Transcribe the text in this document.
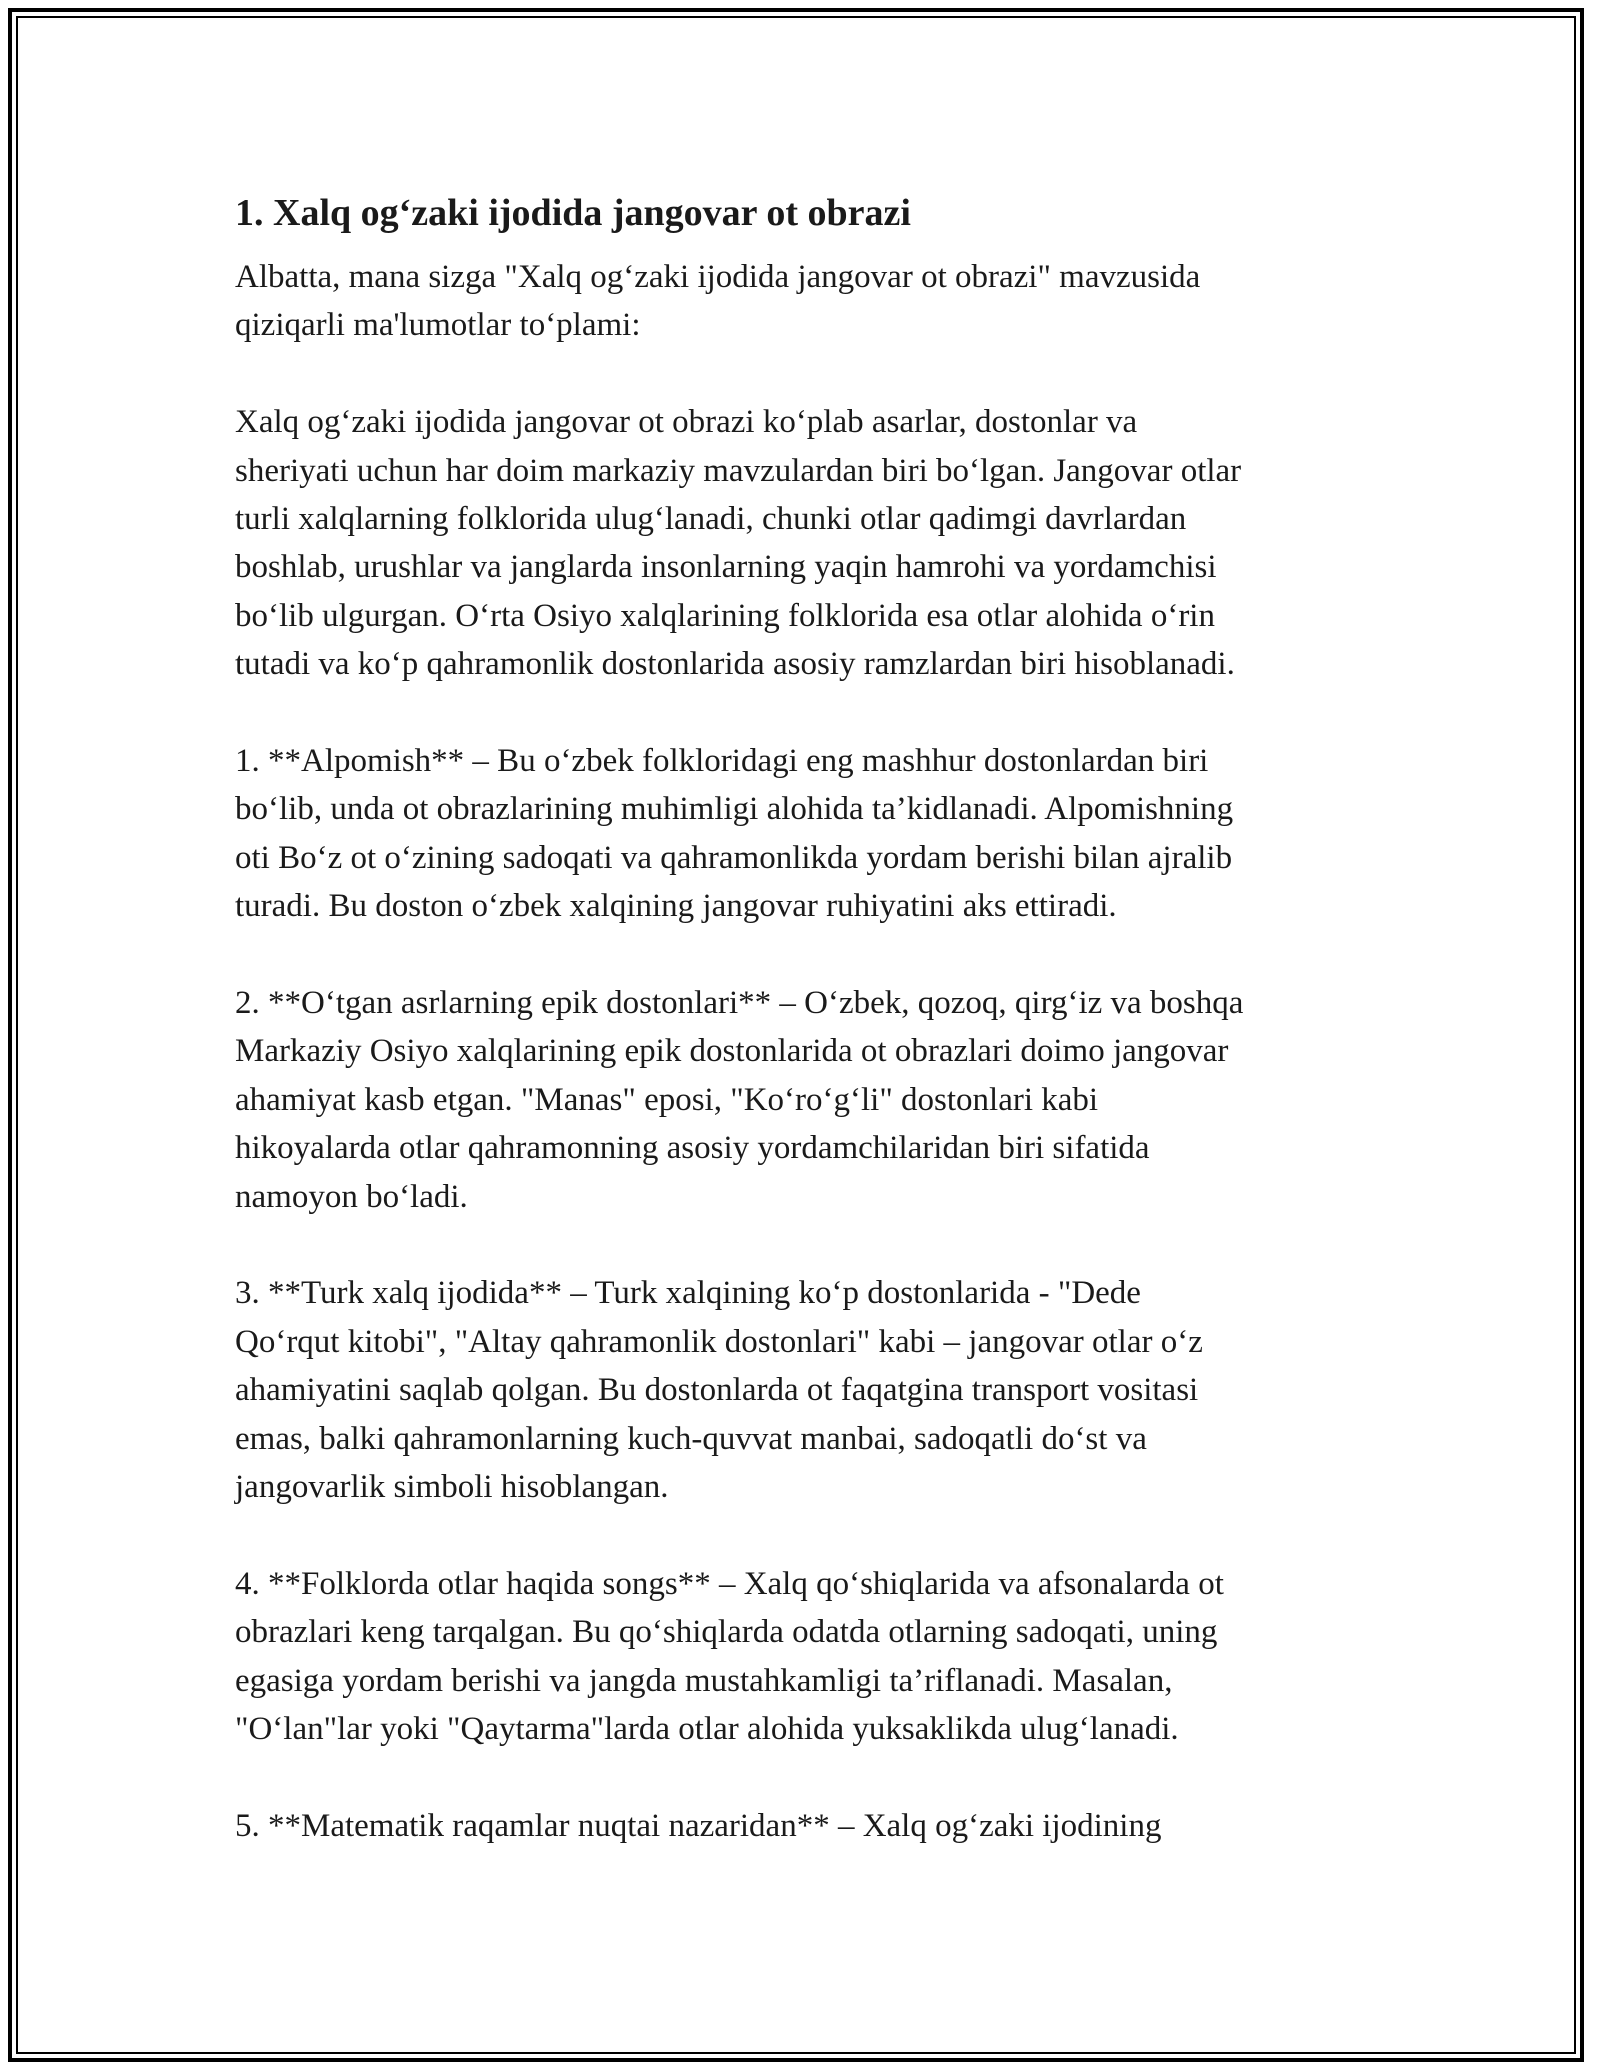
1. Xalq og‘zaki ijodida jangovar ot obrazi

Albatta, mana sizga "Xalq og‘zaki ijodida jangovar ot obrazi" mavzusida
qiziqarli ma'lumotlar to‘plami:

Xalq og‘zaki ijodida jangovar ot obrazi ko‘plab asarlar, dostonlar va
sheriyati uchun har doim markaziy mavzulardan biri bo‘lgan. Jangovar otlar
turli xalqlarning folklorida ulug‘lanadi, chunki otlar qadimgi davrlardan
boshlab, urushlar va janglarda insonlarning yaqin hamrohi va yordamchisi
bo‘lib ulgurgan. O‘rta Osiyo xalqlarining folklorida esa otlar alohida o‘rin
tutadi va ko‘p qahramonlik dostonlarida asosiy ramzlardan biri hisoblanadi.

1. **Alpomish** – Bu o‘zbek folkloridagi eng mashhur dostonlardan biri
bo‘lib, unda ot obrazlarining muhimligi alohida ta’kidlanadi. Alpomishning
oti Bo‘z ot o‘zining sadoqati va qahramonlikda yordam berishi bilan ajralib
turadi. Bu doston o‘zbek xalqining jangovar ruhiyatini aks ettiradi.

2. **O‘tgan asrlarning epik dostonlari** – O‘zbek, qozoq, qirg‘iz va boshqa
Markaziy Osiyo xalqlarining epik dostonlarida ot obrazlari doimo jangovar
ahamiyat kasb etgan. "Manas" eposi, "Ko‘ro‘g‘li" dostonlari kabi
hikoyalarda otlar qahramonning asosiy yordamchilaridan biri sifatida
namoyon bo‘ladi.

3. **Turk xalq ijodida** – Turk xalqining ko‘p dostonlarida - "Dede
Qo‘rqut kitobi", "Altay qahramonlik dostonlari" kabi – jangovar otlar o‘z
ahamiyatini saqlab qolgan. Bu dostonlarda ot faqatgina transport vositasi
emas, balki qahramonlarning kuch-quvvat manbai, sadoqatli do‘st va
jangovarlik simboli hisoblangan.

4. **Folklorda otlar haqida songs** – Xalq qo‘shiqlarida va afsonalarda ot
obrazlari keng tarqalgan. Bu qo‘shiqlarda odatda otlarning sadoqati, uning
egasiga yordam berishi va jangda mustahkamligi ta’riflanadi. Masalan,
"O‘lan"lar yoki "Qaytarma"larda otlar alohida yuksaklikda ulug‘lanadi.

5. **Matematik raqamlar nuqtai nazaridan** – Xalq og‘zaki ijodining
